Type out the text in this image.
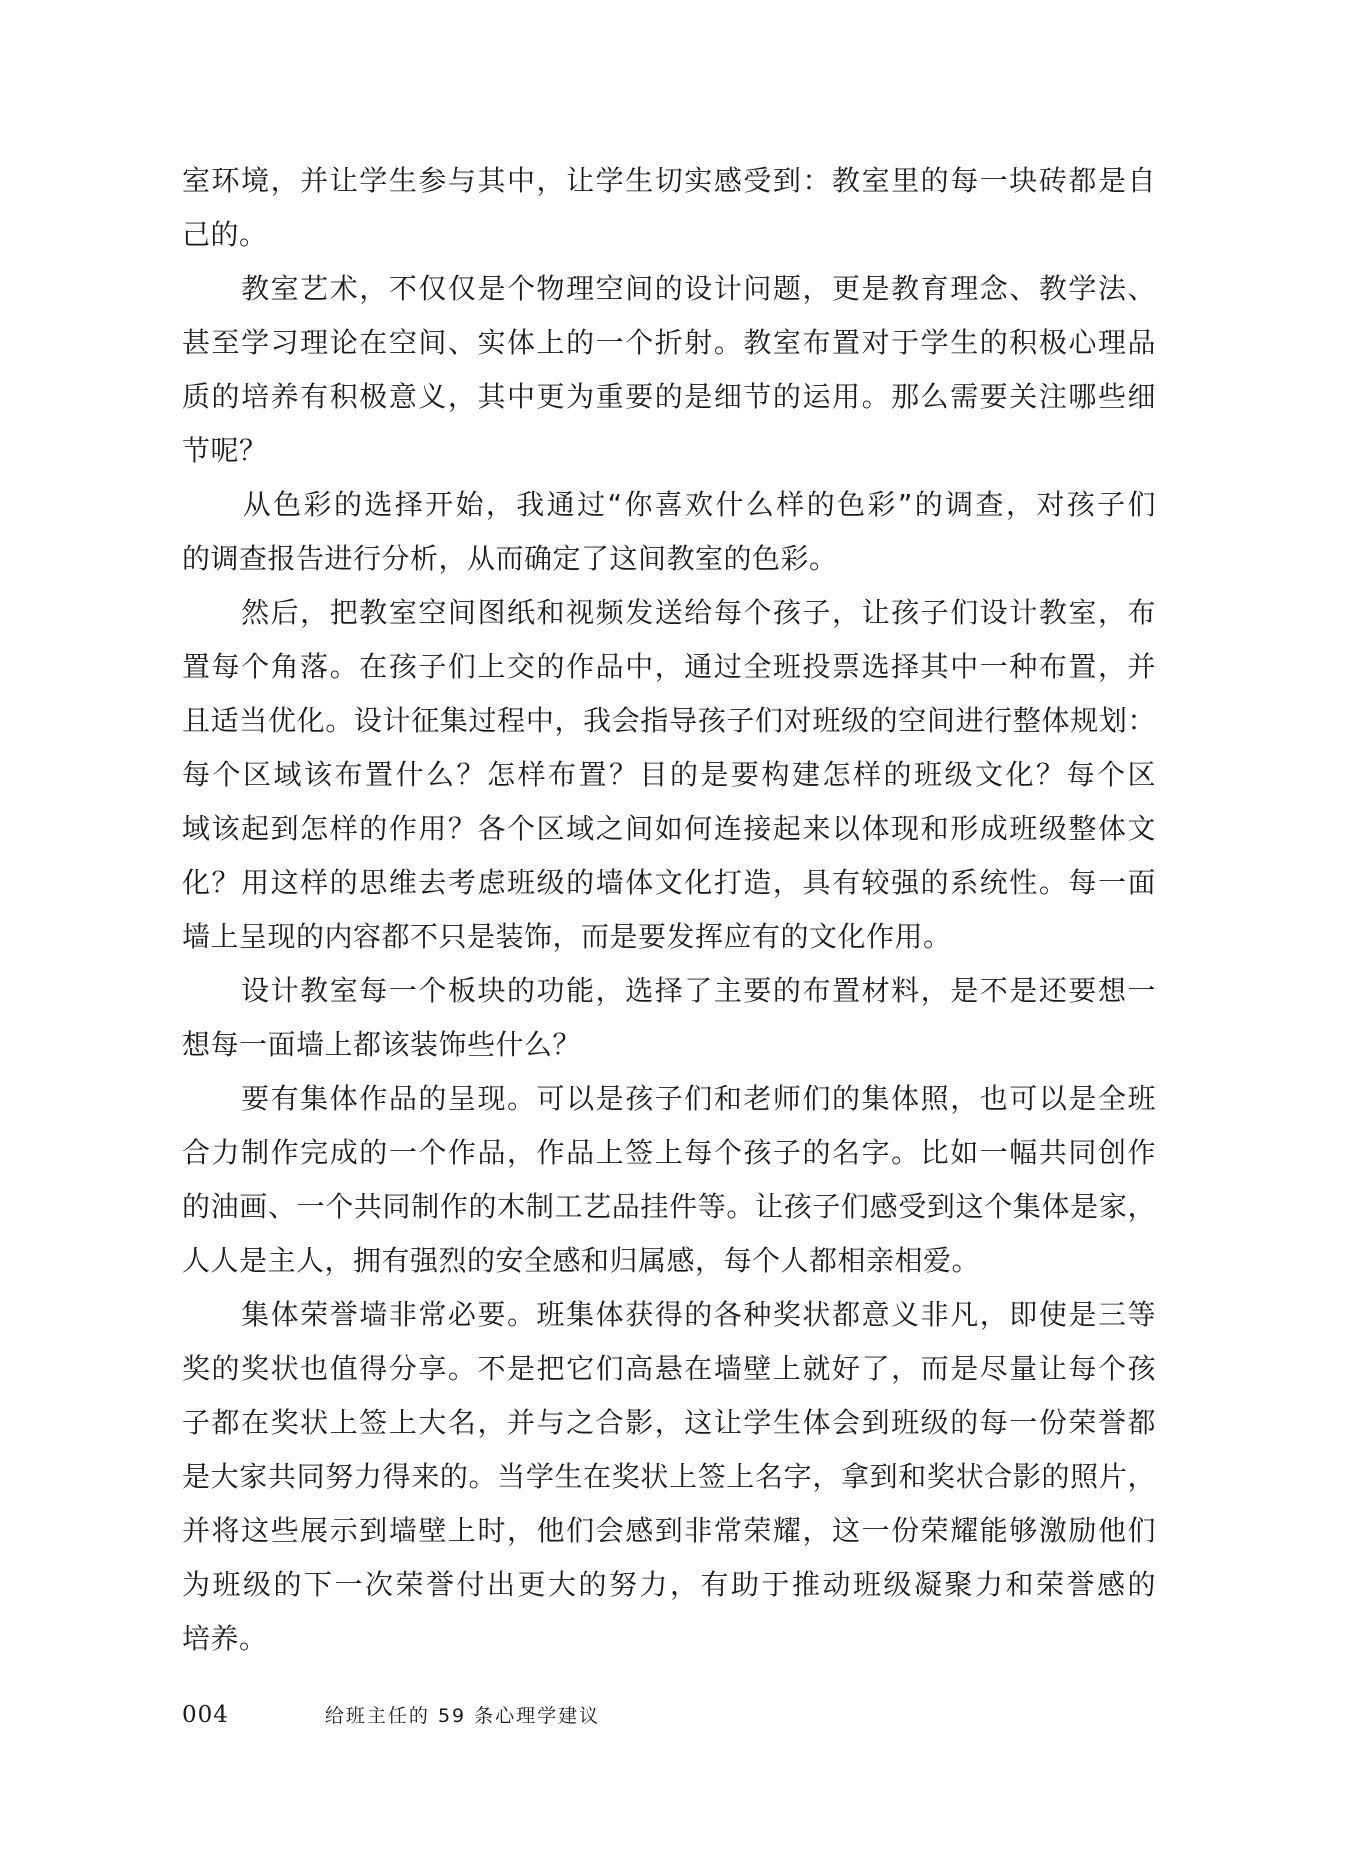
室环境，并让学生参与其中，让学生切实感受到：教室里的每一块砖都是自
己的。
　　教室艺术，不仅仅是个物理空间的设计问题，更是教育理念、教学法、
甚至学习理论在空间、实体上的一个折射。教室布置对于学生的积极心理品
质的培养有积极意义，其中更为重要的是细节的运用。那么需要关注哪些细
节呢？
　　从色彩的选择开始，我通过“你喜欢什么样的色彩”的调查，对孩子们
的调查报告进行分析，从而确定了这间教室的色彩。
　　然后，把教室空间图纸和视频发送给每个孩子，让孩子们设计教室，布
置每个角落。在孩子们上交的作品中，通过全班投票选择其中一种布置，并
且适当优化。设计征集过程中，我会指导孩子们对班级的空间进行整体规划：
每个区域该布置什么？怎样布置？目的是要构建怎样的班级文化？每个区
域该起到怎样的作用？各个区域之间如何连接起来以体现和形成班级整体文
化？用这样的思维去考虑班级的墙体文化打造，具有较强的系统性。每一面
墙上呈现的内容都不只是装饰，而是要发挥应有的文化作用。
　　设计教室每一个板块的功能，选择了主要的布置材料，是不是还要想一
想每一面墙上都该装饰些什么？
　　要有集体作品的呈现。可以是孩子们和老师们的集体照，也可以是全班
合力制作完成的一个作品，作品上签上每个孩子的名字。比如一幅共同创作
的油画、一个共同制作的木制工艺品挂件等。让孩子们感受到这个集体是家，
人人是主人，拥有强烈的安全感和归属感，每个人都相亲相爱。
　　集体荣誉墙非常必要。班集体获得的各种奖状都意义非凡，即使是三等
奖的奖状也值得分享。不是把它们高悬在墙壁上就好了，而是尽量让每个孩
子都在奖状上签上大名，并与之合影，这让学生体会到班级的每一份荣誉都
是大家共同努力得来的。当学生在奖状上签上名字，拿到和奖状合影的照片，
并将这些展示到墙壁上时，他们会感到非常荣耀，这一份荣耀能够激励他们
为班级的下一次荣誉付出更大的努力，有助于推动班级凝聚力和荣誉感的
培养。
004	给班主任的 59 条心理学建议
